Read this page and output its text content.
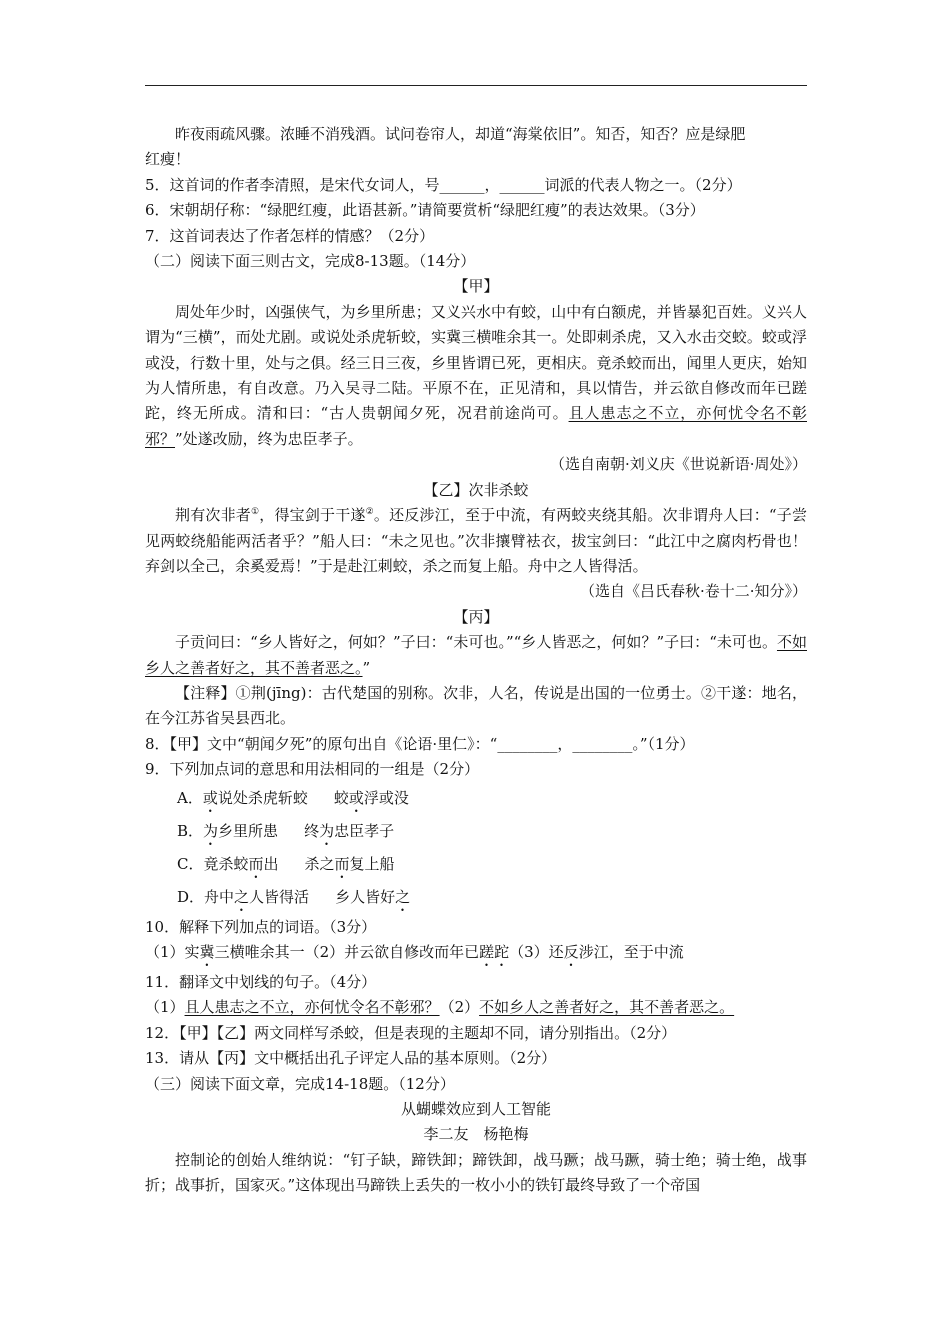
昨夜雨疏风骤。浓睡不消残酒。试问卷帘人，却道“海棠依旧”。知否，知否？应是绿肥
红瘦！

5．这首词的作者李清照，是宋代女词人，号______，______词派的代表人物之一。（2分）

6．宋朝胡仔称：“绿肥红瘦，此语甚新。”请简要赏析“绿肥红瘦”的表达效果。（3分）

7．这首词表达了作者怎样的情感？（2分）

（二）阅读下面三则古文，完成8-13题。（14分）

【甲】

周处年少时，凶强侠气，为乡里所患；又义兴水中有蛟，山中有白额虎，并皆暴犯百姓。义兴人谓为“三横”，而处尤剧。或说处杀虎斩蛟，实冀三横唯余其一。处即刺杀虎，又入水击交蛟。蛟或浮或没，行数十里，处与之俱。经三日三夜，乡里皆谓已死，更相庆。竟杀蛟而出，闻里人更庆，始知为人情所患，有自改意。乃入吴寻二陆。平原不在，正见清和，具以情告，并云欲自修改而年已蹉跎，终无所成。清和曰：“古人贵朝闻夕死，况君前途尚可。且人患志之不立，亦何忧令名不彰邪？”处遂改励，终为忠臣孝子。

（选自南朝·刘义庆《世说新语·周处》）

【乙】次非杀蛟

荆有次非者①，得宝剑于干遂②。还反涉江，至于中流，有两蛟夹绕其船。次非谓舟人曰：“子尝见两蛟绕船能两活者乎？”船人曰：“未之见也。”次非攘臂袪衣，拔宝剑曰：“此江中之腐肉朽骨也！弃剑以全己，余奚爱焉！”于是赴江刺蛟，杀之而复上船。舟中之人皆得活。

（选自《吕氏春秋·卷十二·知分》）

【丙】

子贡问曰：“乡人皆好之，何如？”子曰：“未可也。”“乡人皆恶之，何如？”子曰：“未可也。不如乡人之善者好之，其不善者恶之。”

【注释】①荆(jīng)：古代楚国的别称。次非，人名，传说是出国的一位勇士。②干遂：地名，在今江苏省吴县西北。

8．【甲】文中“朝闻夕死”的原句出自《论语·里仁》：“________，________。”（1分）

9．下列加点词的意思和用法相同的一组是（2分）

A．或说处杀虎斩蛟 蛟或浮或没

B．为乡里所患 终为忠臣孝子

C．竟杀蛟而出 杀之而复上船

D．舟中之人皆得活 乡人皆好之

10．解释下列加点的词语。（3分）

（1）实冀三横唯余其一（2）并云欲自修改而年已蹉跎（3）还反涉江，至于中流

11．翻译文中划线的句子。（4分）

（1）且人患志之不立，亦何忧令名不彰邪？（2）不如乡人之善者好之，其不善者恶之。

12．【甲】【乙】两文同样写杀蛟，但是表现的主题却不同，请分别指出。（2分）

13．请从【丙】文中概括出孔子评定人品的基本原则。（2分）

（三）阅读下面文章，完成14-18题。（12分）

从蝴蝶效应到人工智能

李二友　杨艳梅

控制论的创始人维纳说：“钉子缺，蹄铁卸；蹄铁卸，战马蹶；战马蹶，骑士绝；骑士绝，战事折；战事折，国家灭。”这体现出马蹄铁上丢失的一枚小小的铁钉最终导致了一个帝国
